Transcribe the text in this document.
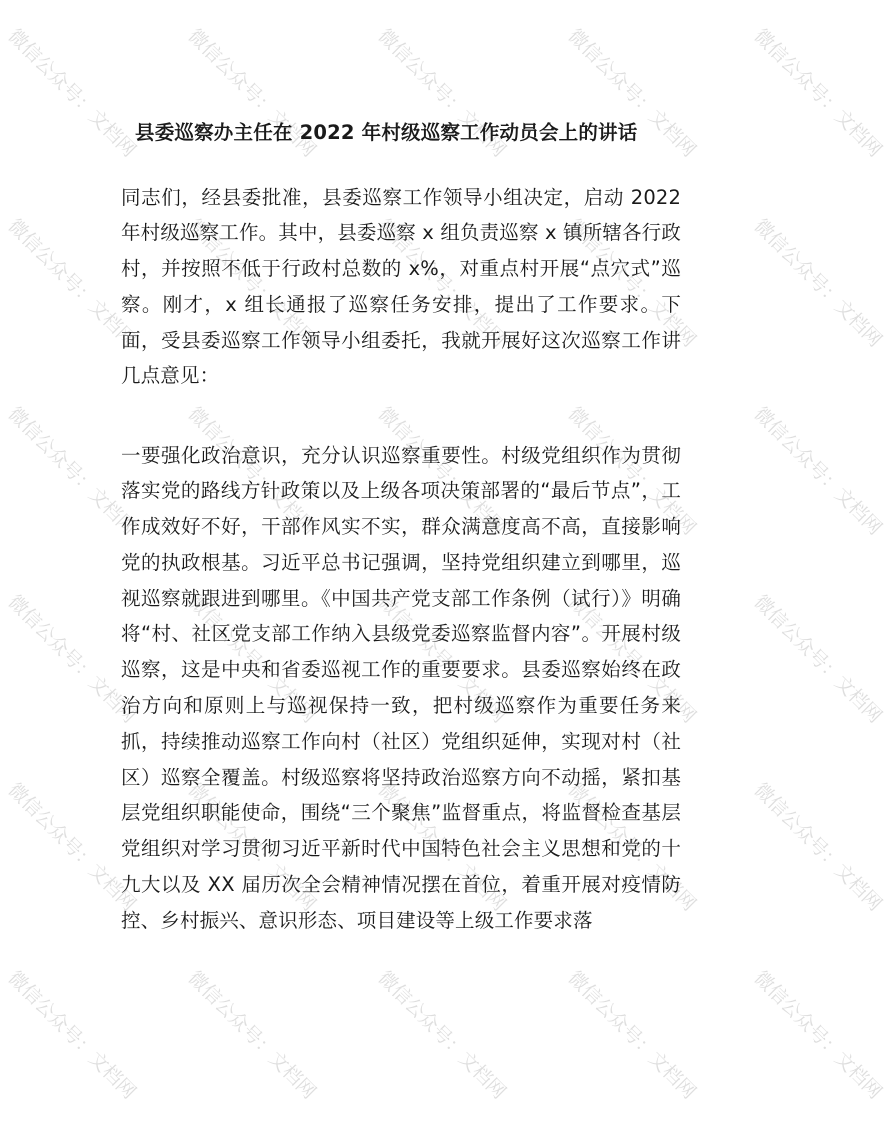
微信公众号：文档网 微信公众号：文档网	微信公众号：文档网	微信公众号：文档网	微信公众号：文档网
微信公众号：文档网 微信公众号：文档网	微信公众号：文档网	微信公众号：文档网	微信公众号：文档网
微信公众号：文档网 微信公众号：文档网	微信公众号：文档网	微信公众号：文档网	微信公众号：文档网
微信公众号：文档网 微信公众号：文档网	微信公众号：文档网	微信公众号：文档网	微信公众号：文档网
微信公众号：文档网 微信公众号：文档网	微信公众号：文档网	微信公众号：文档网	微信公众号：文档网
微信公众号：文档网 微信公众号：文档网	微信公众号：文档网	微信公众号：文档网	微信公众号：文档网
县委巡察办主任在 2022 年村级巡察工作动员会上的讲话

同志们，经县委批准，县委巡察工作领导小组决定，启动 2022 年村级巡察工作。其中，县委巡察 x 组负责巡察 x 镇所辖各行政村，并按照不低于行政村总数的 x%，对重点村开展“点穴式”巡察。刚才，x 组长通报了巡察任务安排，提出了工作要求。下面，受县委巡察工作领导小组委托，我就开展好这次巡察工作讲几点意见：

一要强化政治意识，充分认识巡察重要性。村级党组织作为贯彻落实党的路线方针政策以及上级各项决策部署的“最后节点”，工作成效好不好，干部作风实不实，群众满意度高不高，直接影响党的执政根基。习近平总书记强调，坚持党组织建立到哪里，巡视巡察就跟进到哪里。《中国共产党支部工作条例（试行）》明确将“村、社区党支部工作纳入县级党委巡察监督内容”。开展村级巡察，这是中央和省委巡视工作的重要要求。县委巡察始终在政治方向和原则上与巡视保持一致，把村级巡察作为重要任务来抓，持续推动巡察工作向村（社区）党组织延伸，实现对村（社区）巡察全覆盖。村级巡察将坚持政治巡察方向不动摇，紧扣基层党组织职能使命，围绕“三个聚焦”监督重点，将监督检查基层党组织对学习贯彻习近平新时代中国特色社会主义思想和党的十九大以及 XX 届历次全会精神情况摆在首位，着重开展对疫情防控、乡村振兴、意识形态、项目建设等上级工作要求落
